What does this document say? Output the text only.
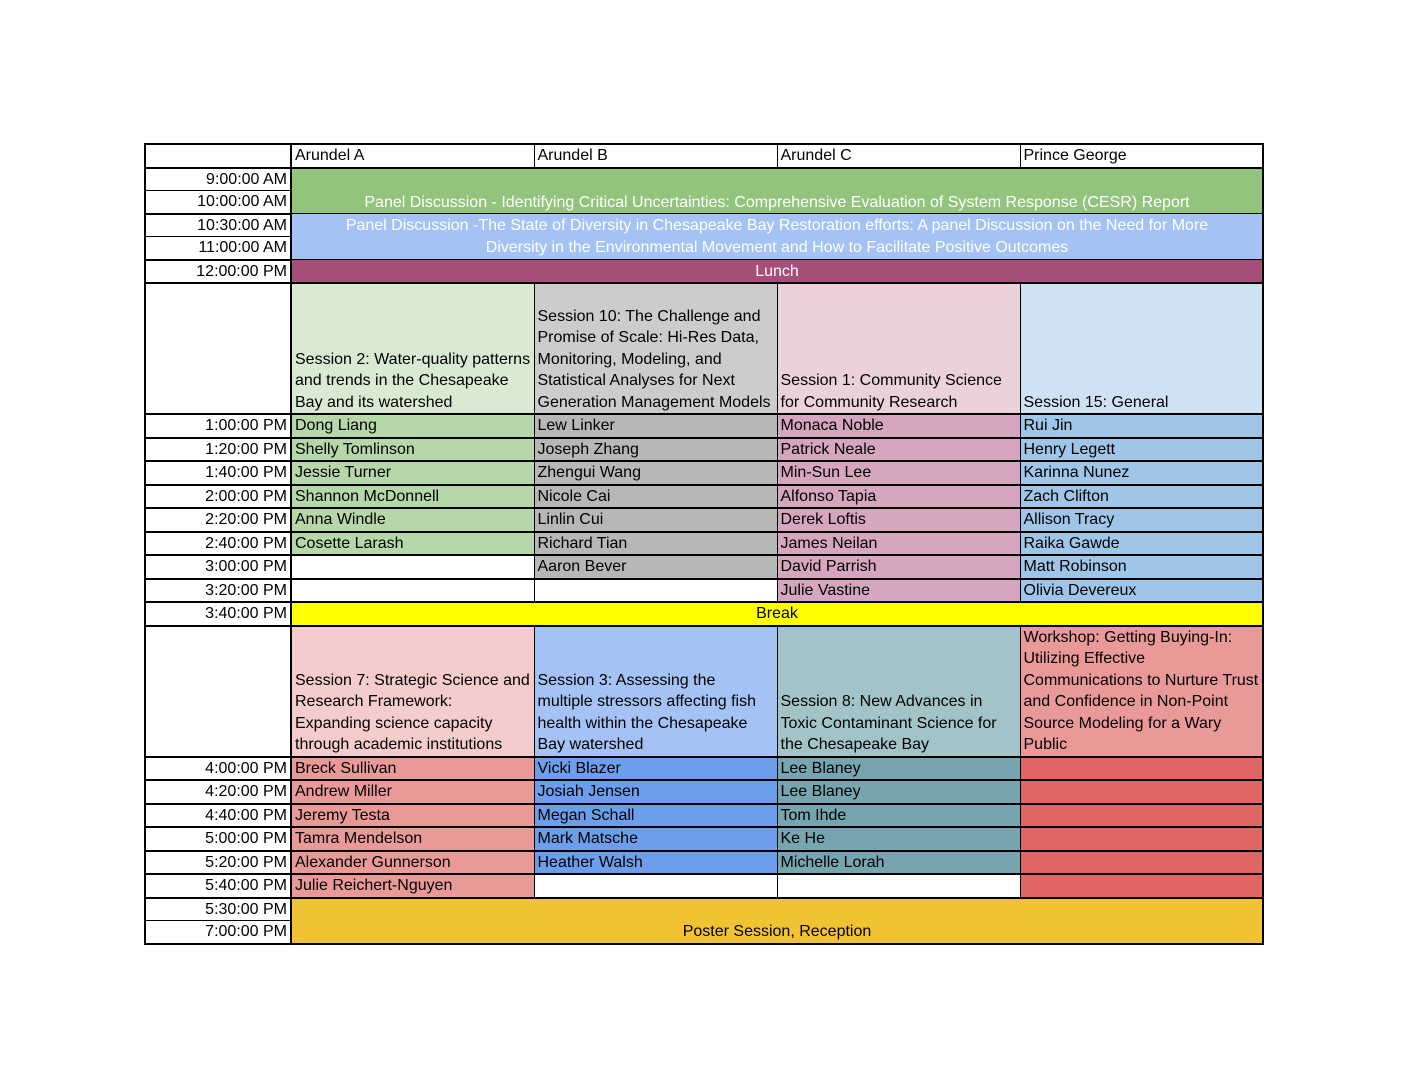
	Arundel A	Arundel B	Arundel C	Prince George
9:00:00 AM	Panel Discussion - Identifying Critical Uncertainties: Comprehensive Evaluation of System Response (CESR) Report			
10:00:00 AM				
10:30:00 AM	Panel Discussion -The State of Diversity in Chesapeake Bay Restoration efforts: A panel Discussion on the Need for More
Diversity in the Environmental Movement and How to Facilitate Positive Outcomes			

11:00:00 AM				
12:00:00 PM	Lunch			
	Session 2: Water-quality patterns and trends in the Chesapeake Bay and its watershed	Session 10: The Challenge and Promise of Scale: Hi-Res Data, Monitoring, Modeling, and Statistical Analyses for Next Generation Management Models	Session 1: Community Science for Community Research	Session 15: General
1:00:00 PM	Dong Liang	Lew Linker	Monaca Noble	Rui Jin
1:20:00 PM	Shelly Tomlinson	Joseph Zhang	Patrick Neale	Henry Legett
1:40:00 PM	Jessie Turner	Zhengui Wang	Min-Sun Lee	Karinna Nunez
2:00:00 PM	Shannon McDonnell	Nicole Cai	Alfonso Tapia	Zach Clifton
2:20:00 PM	Anna Windle	Linlin Cui	Derek Loftis	Allison Tracy
2:40:00 PM	Cosette Larash	Richard Tian	James Neilan	Raika Gawde
3:00:00 PM		Aaron Bever	David Parrish	Matt Robinson
3:20:00 PM			Julie Vastine	Olivia Devereux
3:40:00 PM	Break			
	Session 7: Strategic Science and Research Framework: Expanding science capacity through academic institutions	Session 3: Assessing the multiple stressors affecting fish health within the Chesapeake Bay watershed	Session 8: New Advances in Toxic Contaminant Science for the Chesapeake Bay	Workshop: Getting Buying-In: Utilizing Effective Communications to Nurture Trust and Confidence in Non-Point Source Modeling for a Wary Public
4:00:00 PM	Breck Sullivan	Vicki Blazer	Lee Blaney	
4:20:00 PM	Andrew Miller	Josiah Jensen	Lee Blaney	
4:40:00 PM	Jeremy Testa	Megan Schall	Tom Ihde	
5:00:00 PM	Tamra Mendelson	Mark Matsche	Ke He	
5:20:00 PM	Alexander Gunnerson	Heather Walsh	Michelle Lorah	
5:40:00 PM	Julie Reichert-Nguyen			
5:30:00 PM	Poster Session, Reception			
7:00:00 PM				
